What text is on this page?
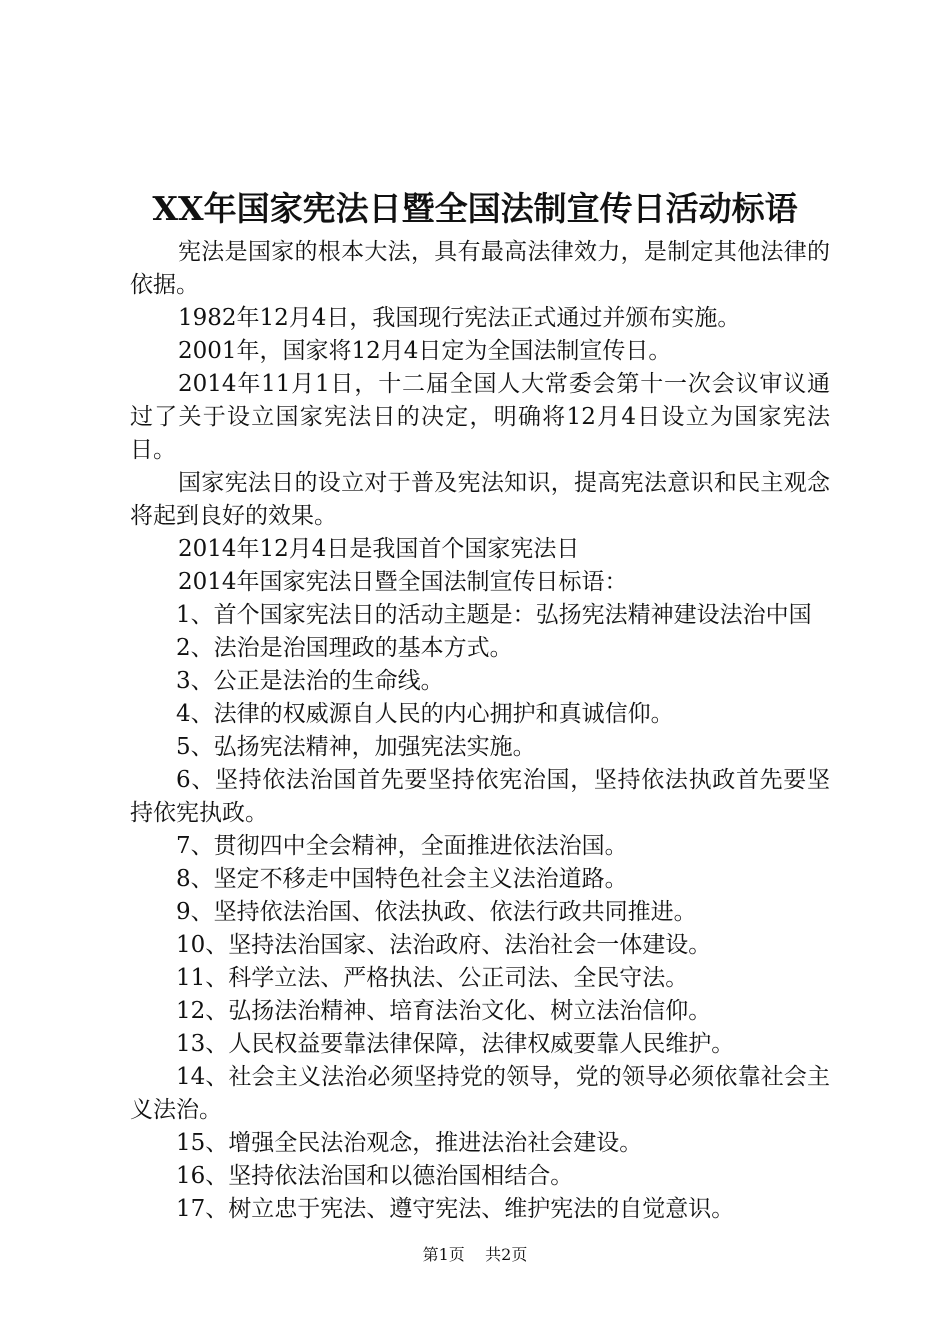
XX年国家宪法日暨全国法制宣传日活动标语

宪法是国家的根本大法，具有最高法律效力，是制定其他法律的依据。

1982年12月4日，我国现行宪法正式通过并颁布实施。

2001年，国家将12月4日定为全国法制宣传日。

2014年11月1日，十二届全国人大常委会第十一次会议审议通过了关于设立国家宪法日的决定，明确将12月4日设立为国家宪法日。

国家宪法日的设立对于普及宪法知识，提高宪法意识和民主观念将起到良好的效果。

2014年12月4日是我国首个国家宪法日

2014年国家宪法日暨全国法制宣传日标语：

1、首个国家宪法日的活动主题是：弘扬宪法精神建设法治中国

2、法治是治国理政的基本方式。

3、公正是法治的生命线。

4、法律的权威源自人民的内心拥护和真诚信仰。

5、弘扬宪法精神，加强宪法实施。

6、坚持依法治国首先要坚持依宪治国，坚持依法执政首先要坚持依宪执政。

7、贯彻四中全会精神，全面推进依法治国。

8、坚定不移走中国特色社会主义法治道路。

9、坚持依法治国、依法执政、依法行政共同推进。

10、坚持法治国家、法治政府、法治社会一体建设。

11、科学立法、严格执法、公正司法、全民守法。

12、弘扬法治精神、培育法治文化、树立法治信仰。

13、人民权益要靠法律保障，法律权威要靠人民维护。

14、社会主义法治必须坚持党的领导，党的领导必须依靠社会主义法治。

15、增强全民法治观念，推进法治社会建设。

16、坚持依法治国和以德治国相结合。

17、树立忠于宪法、遵守宪法、维护宪法的自觉意识。

第1页 共2页
